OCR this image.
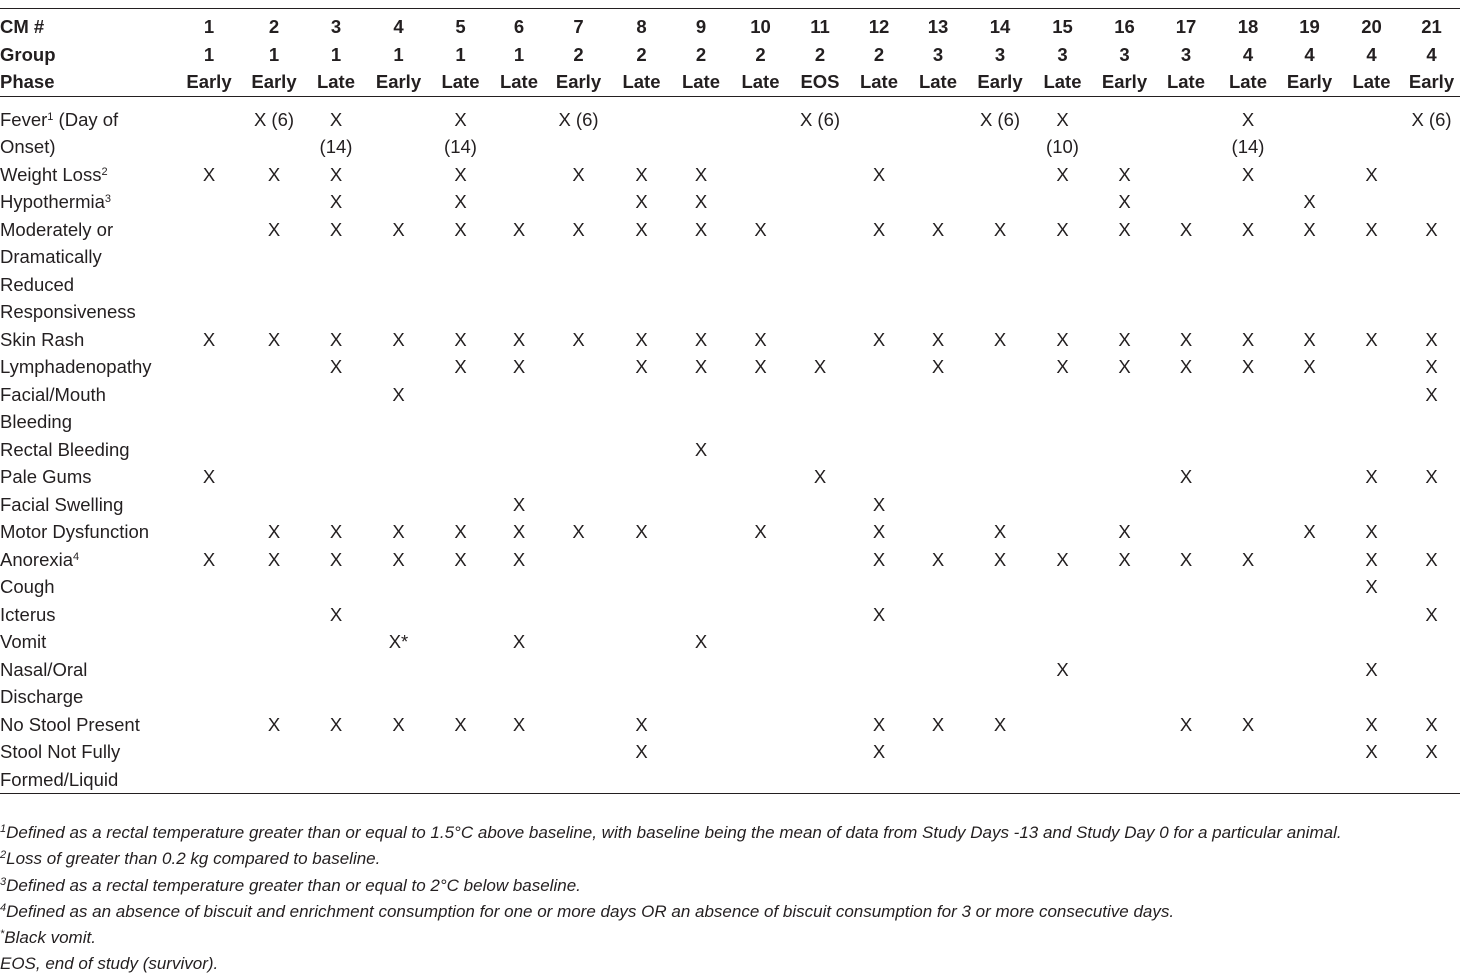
CM #	1	2	3	4	5	6	7	8	9	10	11	12	13	14	15	16	17	18	19	20	21
Group	1	1	1	1	1	1	2	2	2	2	2	2	3	3	3	3	3	4	4	4	4
Phase	Early	Early	Late	Early	Late	Late	Early	Late	Late	Late	EOS	Late	Late	Early	Late	Early	Late	Late	Early	Late	Early

Fever$^1$ (Day of		X (6)	X		X		X (6)				X (6)			X (6)	X			X			X (6)
Onset)			(14)		(14)										(10)			(14)			
Weight Loss$^2$	X	X	X		X		X	X	X			X			X	X		X		X	
Hypothermia$^3$			X		X			X	X							X			X		
Moderately or		X	X	X	X	X	X	X	X	X		X	X	X	X	X	X	X	X	X	X
Dramatically																					
Reduced																					
Responsiveness																					
Skin Rash	X	X	X	X	X	X	X	X	X	X		X	X	X	X	X	X	X	X	X	X
Lymphadenopathy			X		X	X		X	X	X	X		X		X	X	X	X	X		X
Facial/Mouth				X																	X
Bleeding																					
Rectal Bleeding									X												
Pale Gums	X										X						X			X	X
Facial Swelling						X						X									
Motor Dysfunction		X	X	X	X	X	X	X		X		X		X		X			X	X	
Anorexia$^4$	X	X	X	X	X	X						X	X	X	X	X	X	X		X	X
Cough																				X	
Icterus			X									X									X
Vomit				X*		X			X												
Nasal/Oral															X					X	
Discharge																					
No Stool Present		X	X	X	X	X		X				X	X	X			X	X		X	X
Stool Not Fully								X				X								X	X
Formed/Liquid																					
$^1$Defined as a rectal temperature greater than or equal to 1.5°C above baseline, with baseline being the mean of data from Study Days -13 and Study Day 0 for a particular animal.
$^2$Loss of greater than 0.2 kg compared to baseline.
$^3$Defined as a rectal temperature greater than or equal to 2°C below baseline.
$^4$Defined as an absence of biscuit and enrichment consumption for one or more days OR an absence of biscuit consumption for 3 or more consecutive days.
*Black vomit.
EOS, end of study (survivor).
